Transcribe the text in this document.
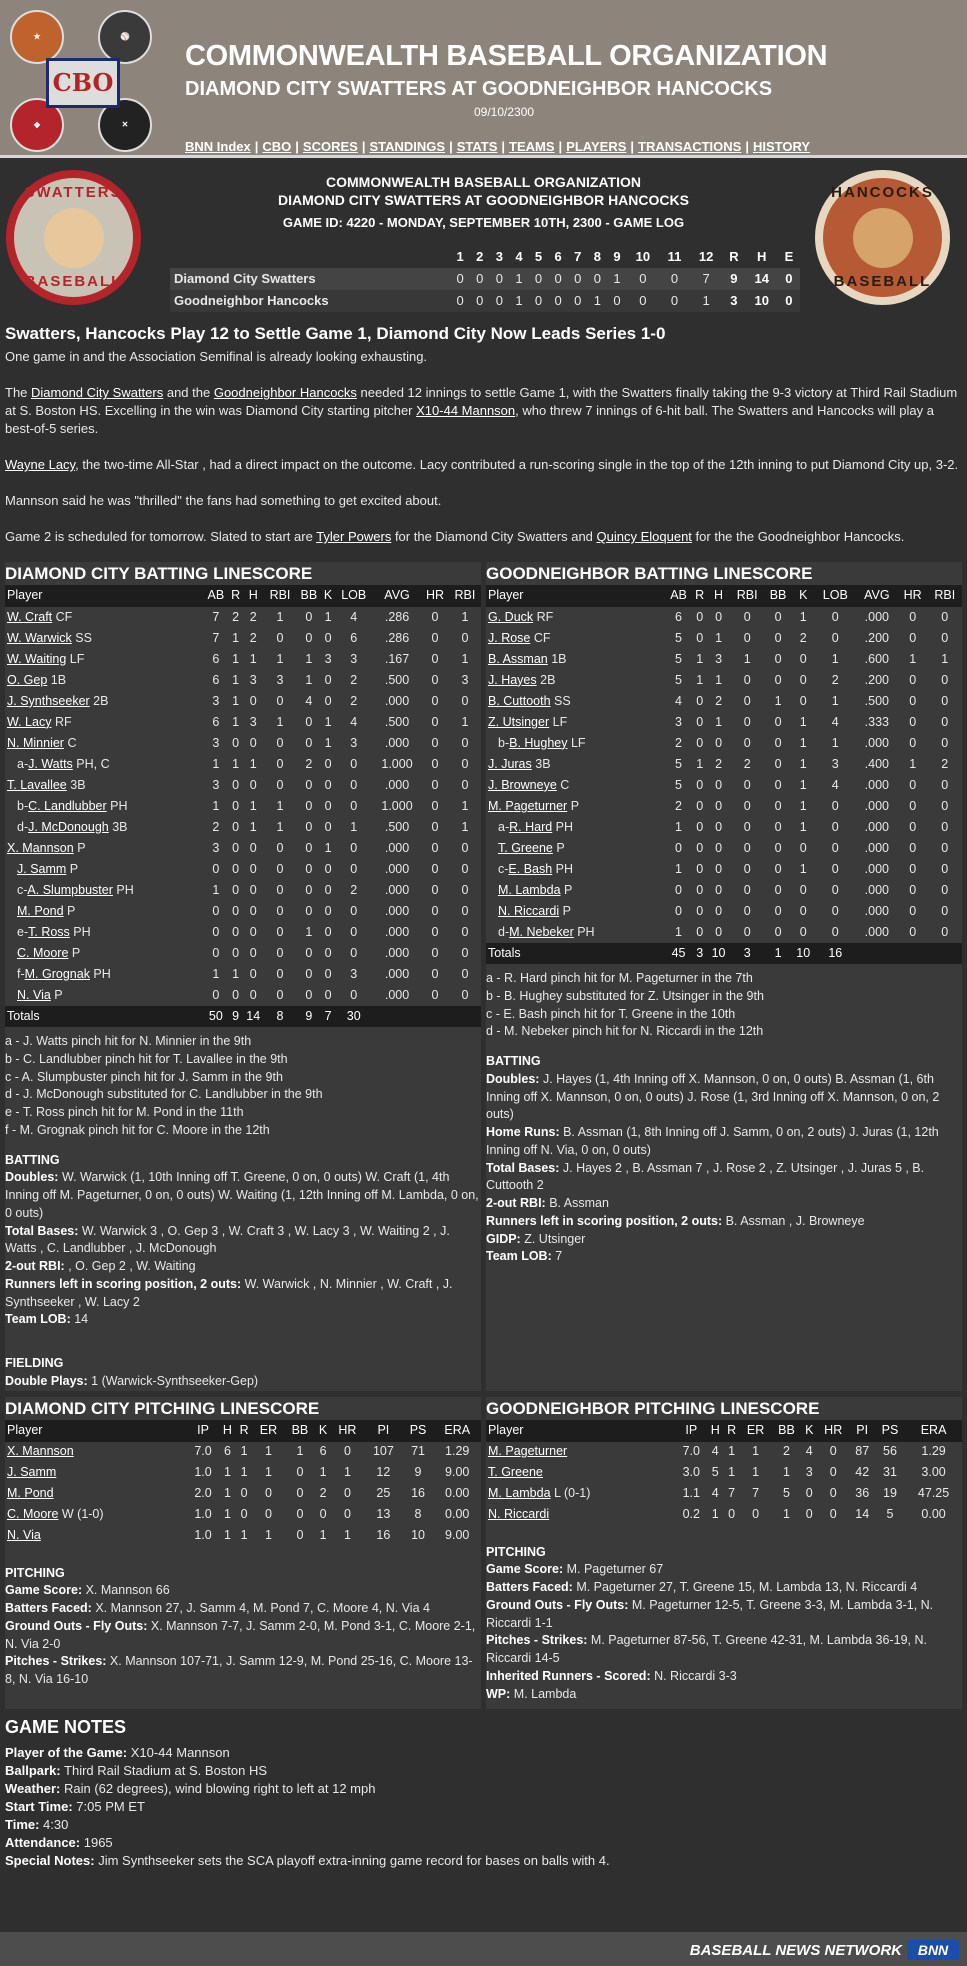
★	⚾
◆	✕
CBO
COMMONWEALTH BASEBALL ORGANIZATION
DIAMOND CITY SWATTERS AT GOODNEIGHBOR HANCOCKS
09/10/2300
BNN Index | CBO | SCORES | STANDINGS | STATS | TEAMS | PLAYERS | TRANSACTIONS | HISTORY
SWATTERS
BASEBALL
COMMONWEALTH BASEBALL ORGANIZATION
DIAMOND CITY SWATTERS AT GOODNEIGHBOR HANCOCKS
GAME ID: 4220 - MONDAY, SEPTEMBER 10TH, 2300 - GAME LOG
HANCOCKS
BASEBALL
	1	2	3	4	5	6	7	8	9	10	11	12	R	H	E
Diamond City Swatters	0	0	0	1	0	0	0	0	1	0	0	7	9	14	0
Goodneighbor Hancocks	0	0	0	1	0	0	0	1	0	0	0	1	3	10	0
Swatters, Hancocks Play 12 to Settle Game 1, Diamond City Now Leads Series 1-0

One game in and the Association Semifinal is already looking exhausting.

The Diamond City Swatters and the Goodneighbor Hancocks needed 12 innings to settle Game 1, with the Swatters finally taking the 9-3 victory at Third Rail Stadium at S. Boston HS. Excelling in the win was Diamond City starting pitcher X10-44 Mannson, who threw 7 innings of 6-hit ball. The Swatters and Hancocks will play a best-of-5 series.

Wayne Lacy, the two-time All-Star , had a direct impact on the outcome. Lacy contributed a run-scoring single in the top of the 12th inning to put Diamond City up, 3-2.

Mannson said he was "thrilled" the fans had something to get excited about.

Game 2 is scheduled for tomorrow. Slated to start are Tyler Powers for the Diamond City Swatters and Quincy Eloquent for the the Goodneighbor Hancocks.

DIAMOND CITY BATTING LINESCORE
Player	AB	R	H	RBI	BB	K	LOB	AVG	HR	RBI
W. Craft CF	7	2	2	1	0	1	4	.286	0	1
W. Warwick SS	7	1	2	0	0	0	6	.286	0	0
W. Waiting LF	6	1	1	1	1	3	3	.167	0	1
O. Gep 1B	6	1	3	3	1	0	2	.500	0	3
J. Synthseeker 2B	3	1	0	0	4	0	2	.000	0	0
W. Lacy RF	6	1	3	1	0	1	4	.500	0	1
N. Minnier C	3	0	0	0	0	1	3	.000	0	0
a-J. Watts PH, C	1	1	1	0	2	0	0	1.000	0	0
T. Lavallee 3B	3	0	0	0	0	0	0	.000	0	0
b-C. Landlubber PH	1	0	1	1	0	0	0	1.000	0	1
d-J. McDonough 3B	2	0	1	1	0	0	1	.500	0	1
X. Mannson P	3	0	0	0	0	1	0	.000	0	0
J. Samm P	0	0	0	0	0	0	0	.000	0	0
c-A. Slumpbuster PH	1	0	0	0	0	0	2	.000	0	0
M. Pond P	0	0	0	0	0	0	0	.000	0	0
e-T. Ross PH	0	0	0	0	1	0	0	.000	0	0
C. Moore P	0	0	0	0	0	0	0	.000	0	0
f-M. Grognak PH	1	1	0	0	0	0	3	.000	0	0
N. Via P	0	0	0	0	0	0	0	.000	0	0
Totals	50	9	14	8	9	7	30			
a - J. Watts pinch hit for N. Minnier in the 9th
b - C. Landlubber pinch hit for T. Lavallee in the 9th
c - A. Slumpbuster pinch hit for J. Samm in the 9th
d - J. McDonough substituted for C. Landlubber in the 9th
e - T. Ross pinch hit for M. Pond in the 11th
f - M. Grognak pinch hit for C. Moore in the 12th
BATTING
Doubles: W. Warwick (1, 10th Inning off T. Greene, 0 on, 0 outs) W. Craft (1, 4th Inning off M. Pageturner, 0 on, 0 outs) W. Waiting (1, 12th Inning off M. Lambda, 0 on, 0 outs)
Total Bases: W. Warwick 3 , O. Gep 3 , W. Craft 3 , W. Lacy 3 , W. Waiting 2 , J. Watts , C. Landlubber , J. McDonough
2-out RBI: , O. Gep 2 , W. Waiting
Runners left in scoring position, 2 outs: W. Warwick , N. Minnier , W. Craft , J. Synthseeker , W. Lacy 2
Team LOB: 14
FIELDING
Double Plays: 1 (Warwick-Synthseeker-Gep)
GOODNEIGHBOR BATTING LINESCORE
Player	AB	R	H	RBI	BB	K	LOB	AVG	HR	RBI
G. Duck RF	6	0	0	0	0	1	0	.000	0	0
J. Rose CF	5	0	1	0	0	2	0	.200	0	0
B. Assman 1B	5	1	3	1	0	0	1	.600	1	1
J. Hayes 2B	5	1	1	0	0	0	2	.200	0	0
B. Cuttooth SS	4	0	2	0	1	0	1	.500	0	0
Z. Utsinger LF	3	0	1	0	0	1	4	.333	0	0
b-B. Hughey LF	2	0	0	0	0	1	1	.000	0	0
J. Juras 3B	5	1	2	2	0	1	3	.400	1	2
J. Browneye C	5	0	0	0	0	1	4	.000	0	0
M. Pageturner P	2	0	0	0	0	1	0	.000	0	0
a-R. Hard PH	1	0	0	0	0	1	0	.000	0	0
T. Greene P	0	0	0	0	0	0	0	.000	0	0
c-E. Bash PH	1	0	0	0	0	1	0	.000	0	0
M. Lambda P	0	0	0	0	0	0	0	.000	0	0
N. Riccardi P	0	0	0	0	0	0	0	.000	0	0
d-M. Nebeker PH	1	0	0	0	0	0	0	.000	0	0
Totals	45	3	10	3	1	10	16			
a - R. Hard pinch hit for M. Pageturner in the 7th
b - B. Hughey substituted for Z. Utsinger in the 9th
c - E. Bash pinch hit for T. Greene in the 10th
d - M. Nebeker pinch hit for N. Riccardi in the 12th
BATTING
Doubles: J. Hayes (1, 4th Inning off X. Mannson, 0 on, 0 outs) B. Assman (1, 6th Inning off X. Mannson, 0 on, 0 outs) J. Rose (1, 3rd Inning off X. Mannson, 0 on, 2 outs)
Home Runs: B. Assman (1, 8th Inning off J. Samm, 0 on, 2 outs) J. Juras (1, 12th Inning off N. Via, 0 on, 0 outs)
Total Bases: J. Hayes 2 , B. Assman 7 , J. Rose 2 , Z. Utsinger , J. Juras 5 , B. Cuttooth 2
2-out RBI: B. Assman
Runners left in scoring position, 2 outs: B. Assman , J. Browneye
GIDP: Z. Utsinger
Team LOB: 7
DIAMOND CITY PITCHING LINESCORE
Player	IP	H	R	ER	BB	K	HR	PI	PS	ERA
X. Mannson	7.0	6	1	1	1	6	0	107	71	1.29
J. Samm	1.0	1	1	1	0	1	1	12	9	9.00
M. Pond	2.0	1	0	0	0	2	0	25	16	0.00
C. Moore W (1-0)	1.0	1	0	0	0	0	0	13	8	0.00
N. Via	1.0	1	1	1	0	1	1	16	10	9.00
PITCHING
Game Score: X. Mannson 66
Batters Faced: X. Mannson 27, J. Samm 4, M. Pond 7, C. Moore 4, N. Via 4
Ground Outs - Fly Outs: X. Mannson 7-7, J. Samm 2-0, M. Pond 3-1, C. Moore 2-1, N. Via 2-0
Pitches - Strikes: X. Mannson 107-71, J. Samm 12-9, M. Pond 25-16, C. Moore 13-8, N. Via 16-10
GOODNEIGHBOR PITCHING LINESCORE
Player	IP	H	R	ER	BB	K	HR	PI	PS	ERA
M. Pageturner	7.0	4	1	1	2	4	0	87	56	1.29
T. Greene	3.0	5	1	1	1	3	0	42	31	3.00
M. Lambda L (0-1)	1.1	4	7	7	5	0	0	36	19	47.25
N. Riccardi	0.2	1	0	0	1	0	0	14	5	0.00
PITCHING
Game Score: M. Pageturner 67
Batters Faced: M. Pageturner 27, T. Greene 15, M. Lambda 13, N. Riccardi 4
Ground Outs - Fly Outs: M. Pageturner 12-5, T. Greene 3-3, M. Lambda 3-1, N. Riccardi 1-1
Pitches - Strikes: M. Pageturner 87-56, T. Greene 42-31, M. Lambda 36-19, N. Riccardi 14-5
Inherited Runners - Scored: N. Riccardi 3-3
WP: M. Lambda
GAME NOTES
Player of the Game: X10-44 Mannson
Ballpark: Third Rail Stadium at S. Boston HS
Weather: Rain (62 degrees), wind blowing right to left at 12 mph
Start Time: 7:05 PM ET
Time: 4:30
Attendance: 1965
Special Notes: Jim Synthseeker sets the SCA playoff extra-inning game record for bases on balls with 4.
BASEBALL NEWS NETWORK	BNN
